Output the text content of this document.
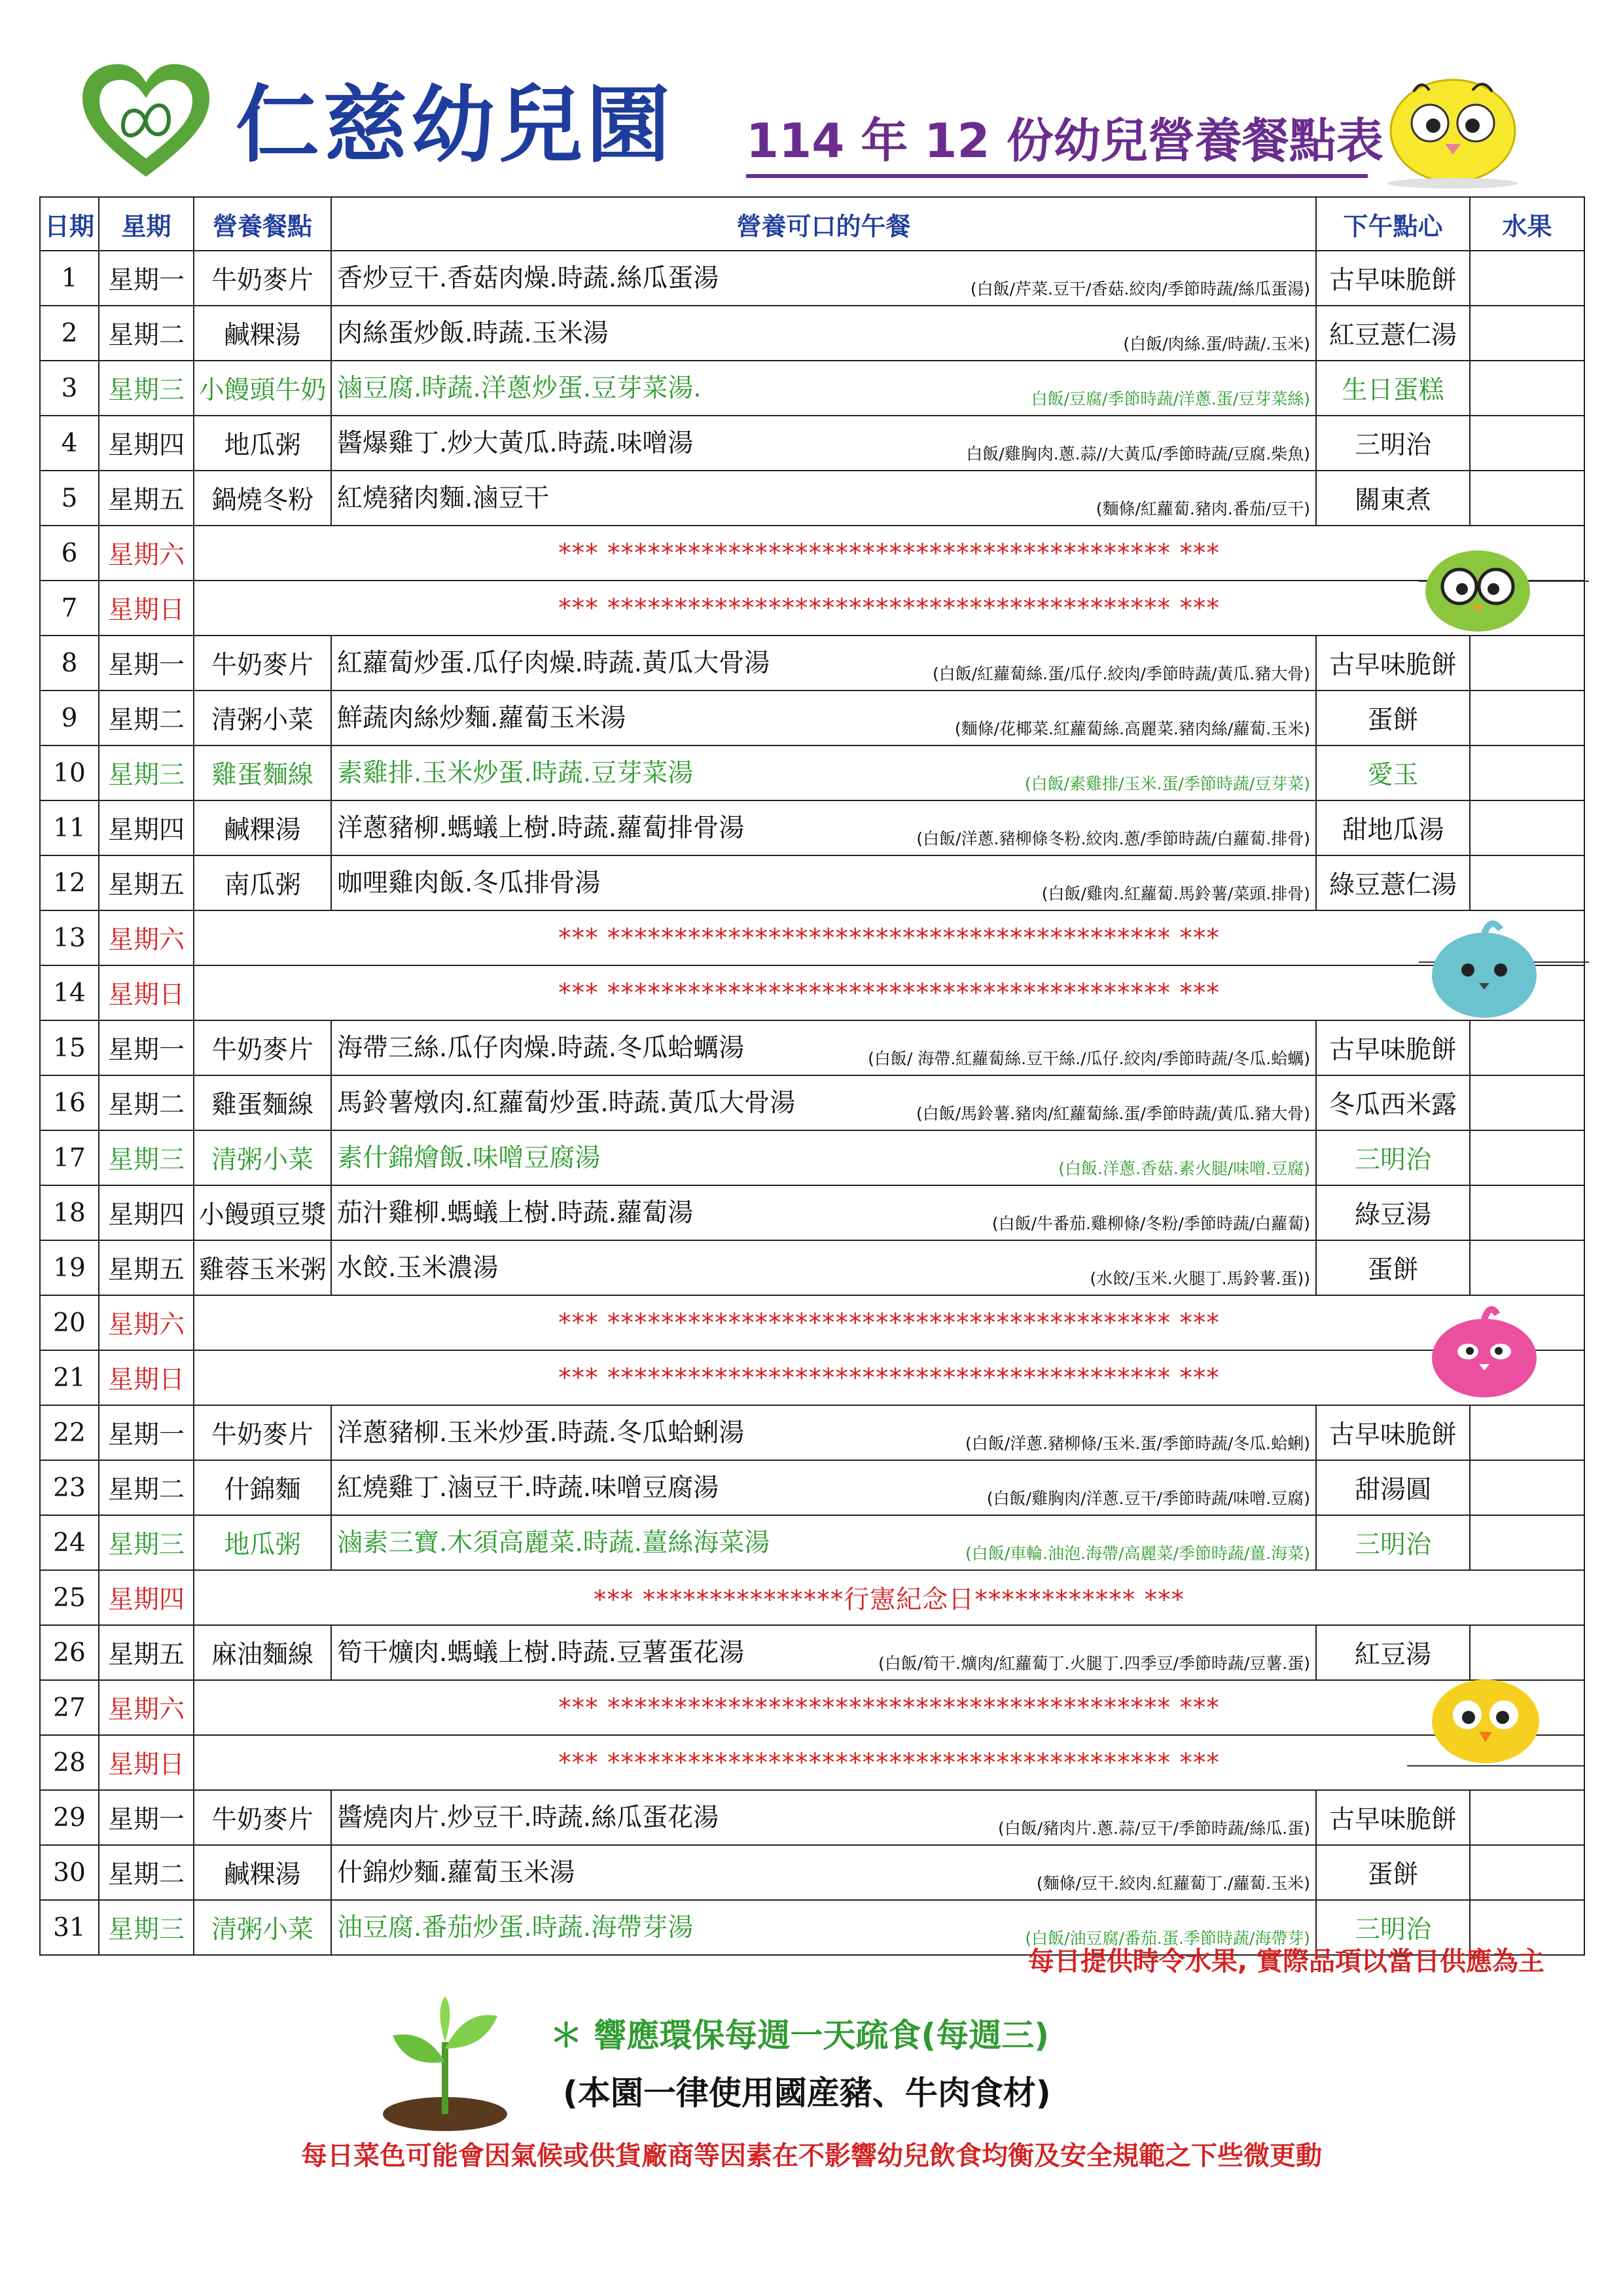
仁慈幼兒園 114 年 12 份幼兒營養餐點表
日期	星期	營養餐點	營養可口的午餐	下午點心	水果
1	星期一	牛奶麥片	香炒豆干.香菇肉燥.時蔬.絲瓜蛋湯 (白飯/芹菜.豆干/香菇.絞肉/季節時蔬/絲瓜蛋湯)	古早味脆餅	
2	星期二	鹹粿湯	肉絲蛋炒飯.時蔬.玉米湯 (白飯/肉絲.蛋/時蔬/.玉米)	紅豆薏仁湯	
3	星期三	小饅頭牛奶	滷豆腐.時蔬.洋蔥炒蛋.豆芽菜湯. 白飯/豆腐/季節時蔬/洋蔥.蛋/豆芽菜絲)	生日蛋糕	
4	星期四	地瓜粥	醬爆雞丁.炒大黃瓜.時蔬.味噌湯 白飯/雞胸肉.蔥.蒜//大黃瓜/季節時蔬/豆腐.柴魚)	三明治	
5	星期五	鍋燒冬粉	紅燒豬肉麵.滷豆干 (麵條/紅蘿蔔.豬肉.番茄/豆干)	關東煮	
6	星期六	*** ****************************************** ***			
7	星期日	*** ****************************************** ***			
8	星期一	牛奶麥片	紅蘿蔔炒蛋.瓜仔肉燥.時蔬.黃瓜大骨湯 (白飯/紅蘿蔔絲.蛋/瓜仔.絞肉/季節時蔬/黃瓜.豬大骨)	古早味脆餅	
9	星期二	清粥小菜	鮮蔬肉絲炒麵.蘿蔔玉米湯 (麵條/花椰菜.紅蘿蔔絲.高麗菜.豬肉絲/蘿蔔.玉米)	蛋餅	
10	星期三	雞蛋麵線	素雞排.玉米炒蛋.時蔬.豆芽菜湯 (白飯/素雞排/玉米.蛋/季節時蔬/豆芽菜)	愛玉	
11	星期四	鹹粿湯	洋蔥豬柳.螞蟻上樹.時蔬.蘿蔔排骨湯 (白飯/洋蔥.豬柳條冬粉.絞肉.蔥/季節時蔬/白蘿蔔.排骨)	甜地瓜湯	
12	星期五	南瓜粥	咖哩雞肉飯.冬瓜排骨湯 (白飯/雞肉.紅蘿蔔.馬鈴薯/菜頭.排骨)	綠豆薏仁湯	
13	星期六	*** ****************************************** ***			
14	星期日	*** ****************************************** ***			
15	星期一	牛奶麥片	海帶三絲.瓜仔肉燥.時蔬.冬瓜蛤蠣湯 (白飯/ 海帶.紅蘿蔔絲.豆干絲./瓜仔.絞肉/季節時蔬/冬瓜.蛤蠣)	古早味脆餅	
16	星期二	雞蛋麵線	馬鈴薯燉肉.紅蘿蔔炒蛋.時蔬.黃瓜大骨湯 (白飯/馬鈴薯.豬肉/紅蘿蔔絲.蛋/季節時蔬/黃瓜.豬大骨)	冬瓜西米露	
17	星期三	清粥小菜	素什錦燴飯.味噌豆腐湯 (白飯.洋蔥.香菇.素火腿/味噌.豆腐)	三明治	
18	星期四	小饅頭豆漿	茄汁雞柳.螞蟻上樹.時蔬.蘿蔔湯 (白飯/牛番茄.雞柳條/冬粉/季節時蔬/白蘿蔔)	綠豆湯	
19	星期五	雞蓉玉米粥	水餃.玉米濃湯 (水餃/玉米.火腿丁.馬鈴薯.蛋))	蛋餅	
20	星期六	*** ****************************************** ***			
21	星期日	*** ****************************************** ***			
22	星期一	牛奶麥片	洋蔥豬柳.玉米炒蛋.時蔬.冬瓜蛤蜊湯 (白飯/洋蔥.豬柳條/玉米.蛋/季節時蔬/冬瓜.蛤蜊)	古早味脆餅	
23	星期二	什錦麵	紅燒雞丁.滷豆干.時蔬.味噌豆腐湯 (白飯/雞胸肉/洋蔥.豆干/季節時蔬/味噌.豆腐)	甜湯圓	
24	星期三	地瓜粥	滷素三寶.木須高麗菜.時蔬.薑絲海菜湯 (白飯/車輪.油泡.海帶/高麗菜/季節時蔬/薑.海菜)	三明治	
25	星期四	*** ***************行憲紀念日************ ***			
26	星期五	麻油麵線	筍干爌肉.螞蟻上樹.時蔬.豆薯蛋花湯 (白飯/筍干.爌肉/紅蘿蔔丁.火腿丁.四季豆/季節時蔬/豆薯.蛋)	紅豆湯	
27	星期六	*** ****************************************** ***			
28	星期日	*** ****************************************** ***			
29	星期一	牛奶麥片	醬燒肉片.炒豆干.時蔬.絲瓜蛋花湯 (白飯/豬肉片.蔥.蒜/豆干/季節時蔬/絲瓜.蛋)	古早味脆餅	
30	星期二	鹹粿湯	什錦炒麵.蘿蔔玉米湯 (麵條/豆干.絞肉.紅蘿蔔丁./蘿蔔.玉米)	蛋餅	
31	星期三	清粥小菜	油豆腐.番茄炒蛋.時蔬.海帶芽湯 (白飯/油豆腐/番茄.蛋.季節時蔬/海帶芽)	三明治	
每日提供時令水果, 實際品項以當日供應為主
＊ 響應環保每週一天疏食(每週三)
(本園一律使用國産豬、牛肉食材)
每日菜色可能會因氣候或供貨廠商等因素在不影響幼兒飲食均衡及安全規範之下些微更動
